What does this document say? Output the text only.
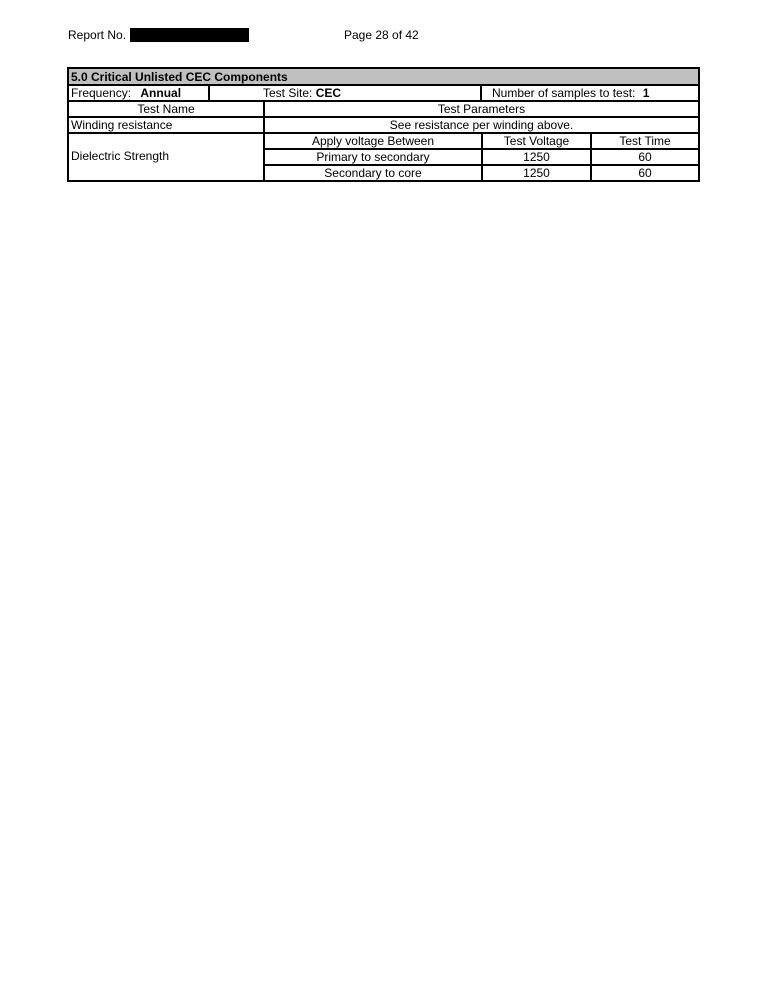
Report No.	Page 28 of 42
5.0 Critical Unlisted CEC Components
Frequency: Annual	Test Site: CEC	Number of samples to test: 1
Test Name	Test Parameters
Winding resistance	See resistance per winding above.
Dielectric Strength
Apply voltage Between	Test Voltage	Test Time
Primary to secondary	1250	60
Secondary to core	1250	60
